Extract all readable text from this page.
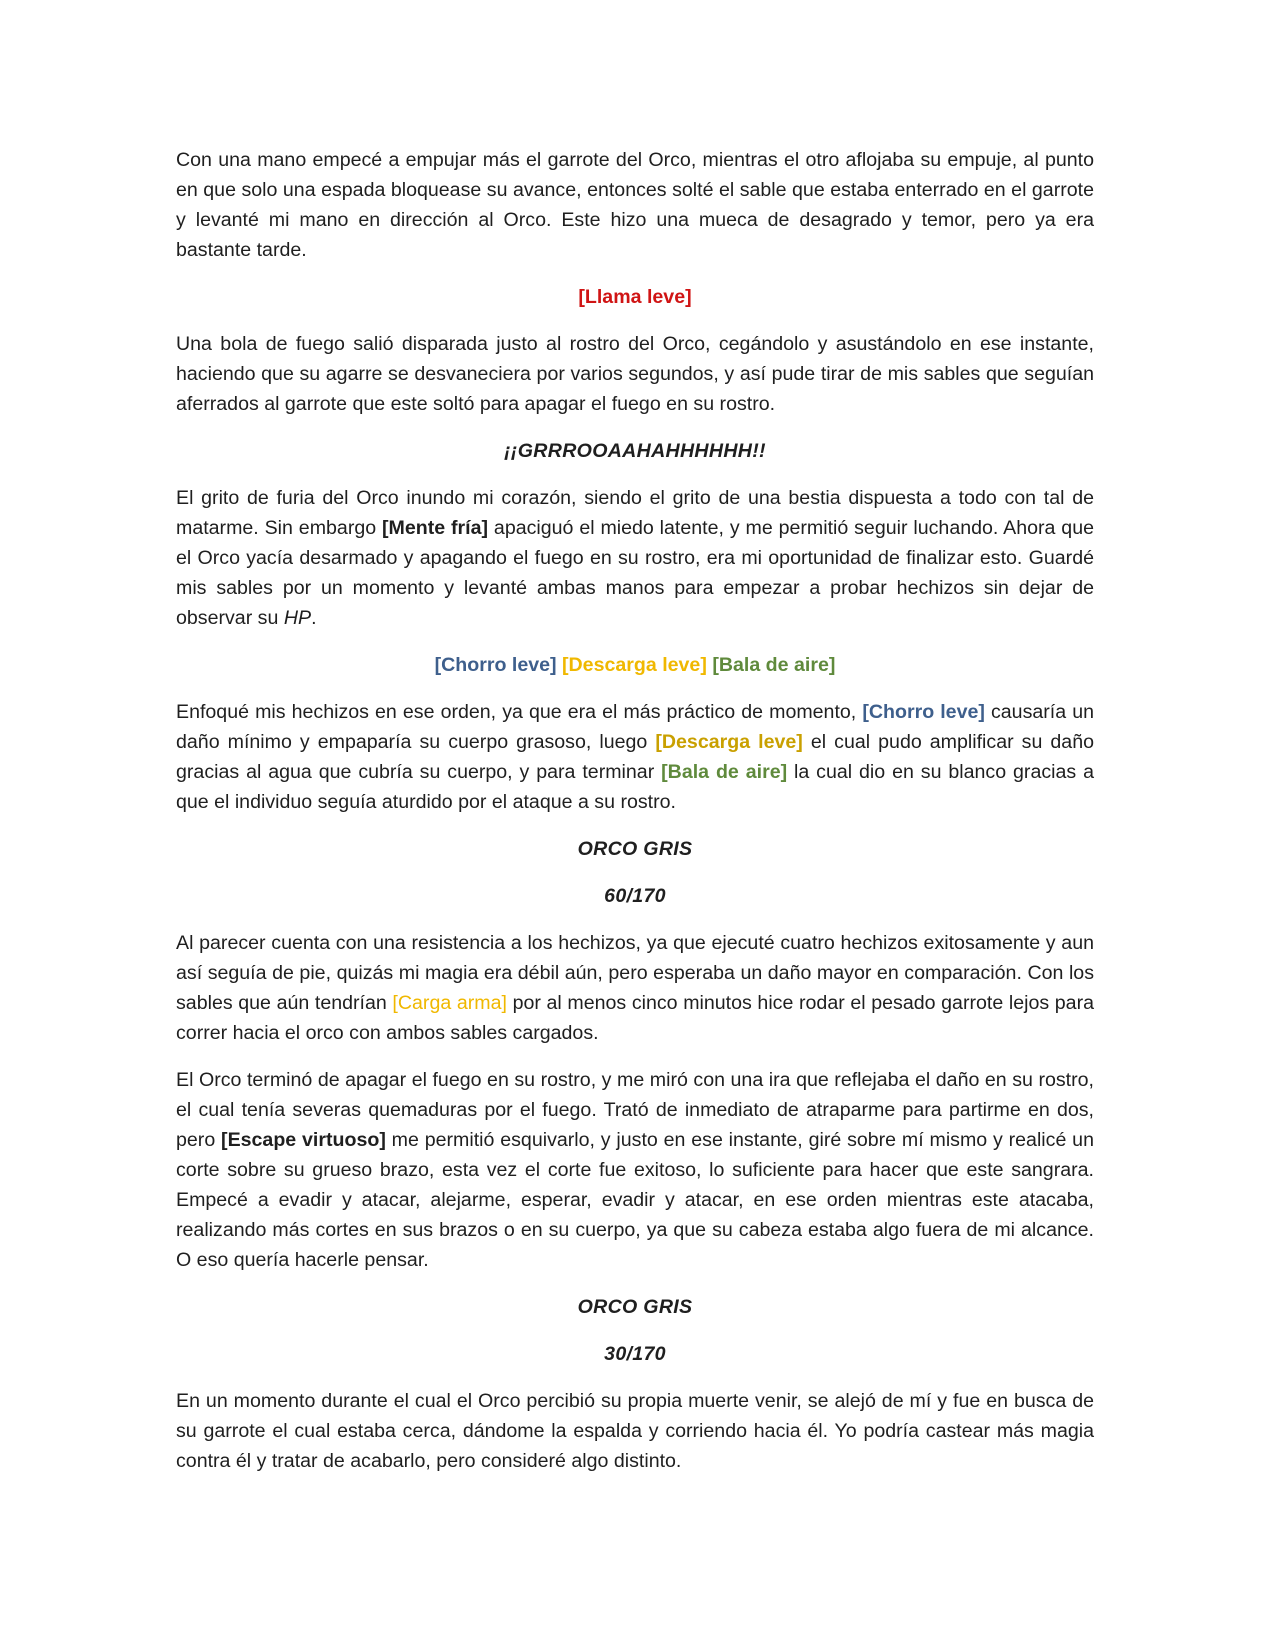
Con una mano empecé a empujar más el garrote del Orco, mientras el otro aflojaba su empuje, al punto en que solo una espada bloquease su avance, entonces solté el sable que estaba enterrado en el garrote y levanté mi mano en dirección al Orco. Este hizo una mueca de desagrado y temor, pero ya era bastante tarde.

[Llama leve]

Una bola de fuego salió disparada justo al rostro del Orco, cegándolo y asustándolo en ese instante, haciendo que su agarre se desvaneciera por varios segundos, y así pude tirar de mis sables que seguían aferrados al garrote que este soltó para apagar el fuego en su rostro.

¡¡GRRROOAAHAHHHHHH!!

El grito de furia del Orco inundo mi corazón, siendo el grito de una bestia dispuesta a todo con tal de matarme. Sin embargo [Mente fría] apaciguó el miedo latente, y me permitió seguir luchando. Ahora que el Orco yacía desarmado y apagando el fuego en su rostro, era mi oportunidad de finalizar esto. Guardé mis sables por un momento y levanté ambas manos para empezar a probar hechizos sin dejar de observar su HP.

[Chorro leve] [Descarga leve] [Bala de aire]

Enfoqué mis hechizos en ese orden, ya que era el más práctico de momento, [Chorro leve] causaría un daño mínimo y empaparía su cuerpo grasoso, luego [Descarga leve] el cual pudo amplificar su daño gracias al agua que cubría su cuerpo, y para terminar [Bala de aire] la cual dio en su blanco gracias a que el individuo seguía aturdido por el ataque a su rostro.

ORCO GRIS

60/170

Al parecer cuenta con una resistencia a los hechizos, ya que ejecuté cuatro hechizos exitosamente y aun así seguía de pie, quizás mi magia era débil aún, pero esperaba un daño mayor en comparación. Con los sables que aún tendrían [Carga arma] por al menos cinco minutos hice rodar el pesado garrote lejos para correr hacia el orco con ambos sables cargados.

El Orco terminó de apagar el fuego en su rostro, y me miró con una ira que reflejaba el daño en su rostro, el cual tenía severas quemaduras por el fuego. Trató de inmediato de atraparme para partirme en dos, pero [Escape virtuoso] me permitió esquivarlo, y justo en ese instante, giré sobre mí mismo y realicé un corte sobre su grueso brazo, esta vez el corte fue exitoso, lo suficiente para hacer que este sangrara. Empecé a evadir y atacar, alejarme, esperar, evadir y atacar, en ese orden mientras este atacaba, realizando más cortes en sus brazos o en su cuerpo, ya que su cabeza estaba algo fuera de mi alcance. O eso quería hacerle pensar.

ORCO GRIS

30/170

En un momento durante el cual el Orco percibió su propia muerte venir, se alejó de mí y fue en busca de su garrote el cual estaba cerca, dándome la espalda y corriendo hacia él. Yo podría castear más magia contra él y tratar de acabarlo, pero consideré algo distinto.
